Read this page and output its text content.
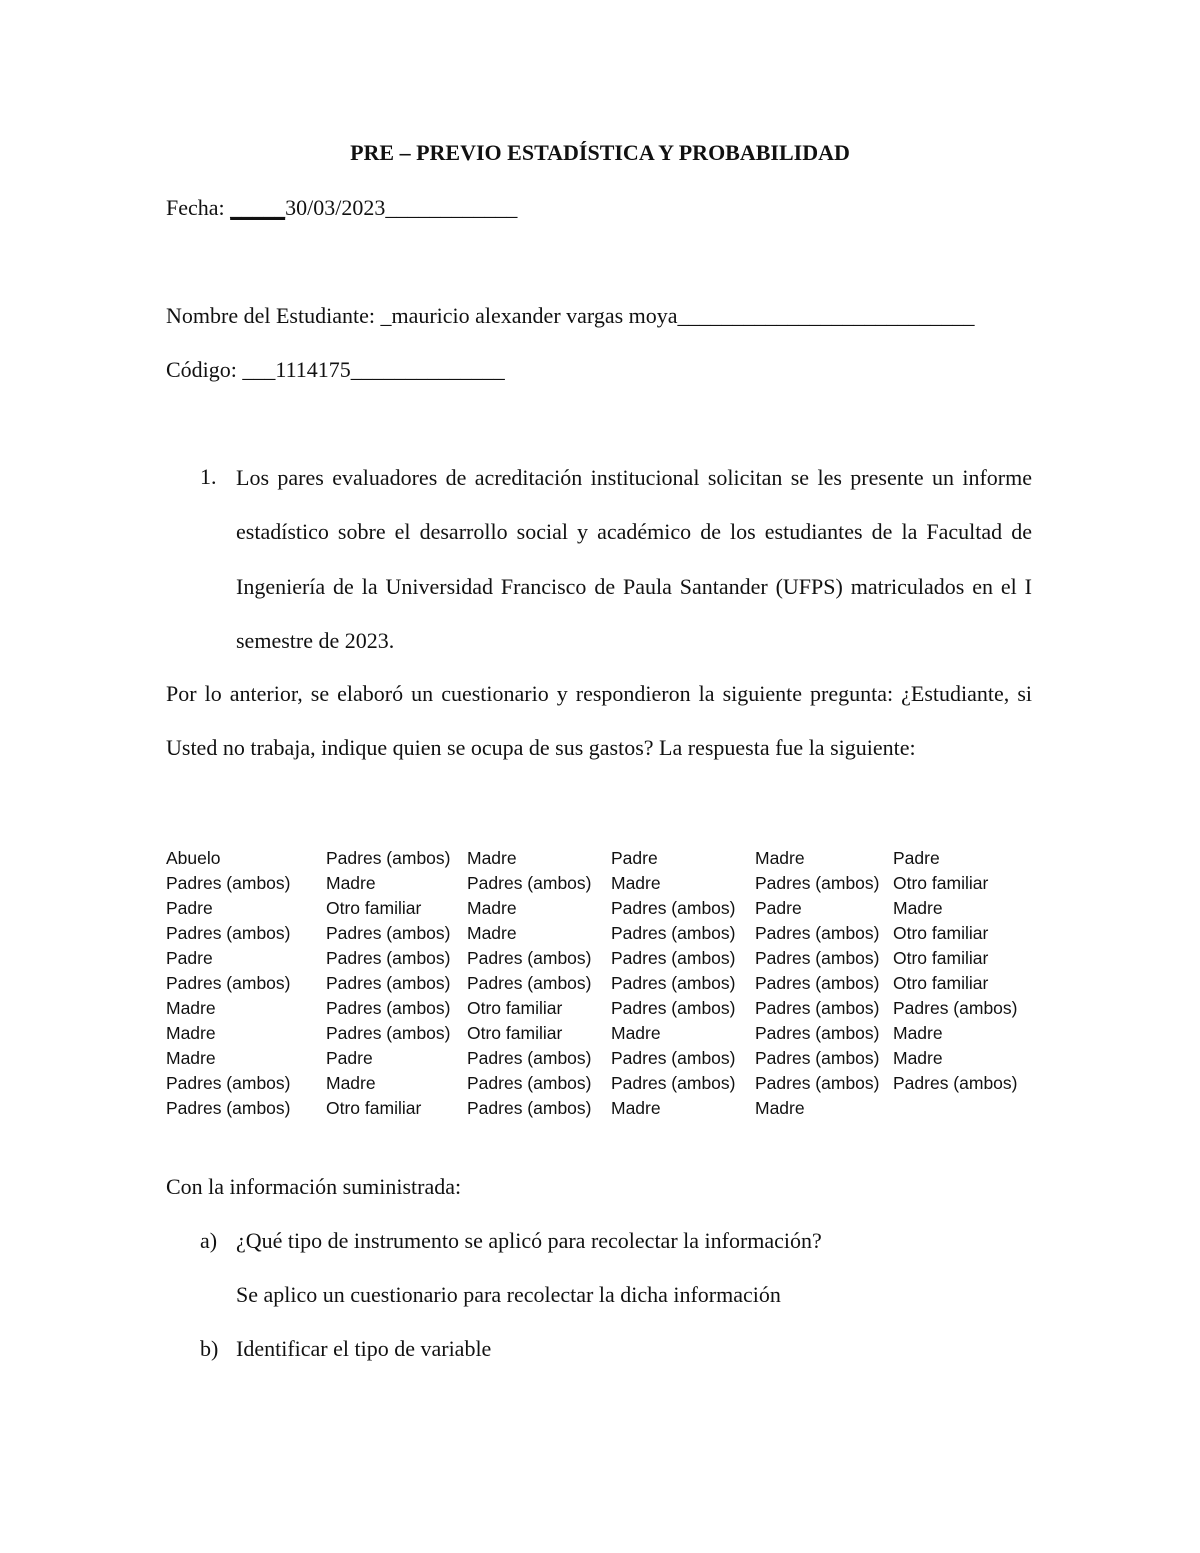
PRE – PREVIO ESTADÍSTICA Y PROBABILIDAD
Fecha: _____30/03/2023____________
Nombre del Estudiante: _mauricio alexander vargas moya___________________________
Código: ___1114175______________
1. Los pares evaluadores de acreditación institucional solicitan se les presente un informe estadístico sobre el desarrollo social y académico de los estudiantes de la Facultad de Ingeniería de la Universidad Francisco de Paula Santander (UFPS) matriculados en el I semestre de 2023.
Por lo anterior, se elaboró un cuestionario y respondieron la siguiente pregunta: ¿Estudiante, si Usted no trabaja, indique quien se ocupa de sus gastos? La respuesta fue la siguiente:
Abuelo	Padres (ambos)	Madre	Padre	Madre	Padre
Padres (ambos)	Madre	Padres (ambos)	Madre	Padres (ambos)	Otro familiar
Padre	Otro familiar	Madre	Padres (ambos)	Padre	Madre
Padres (ambos)	Padres (ambos)	Madre	Padres (ambos)	Padres (ambos)	Otro familiar
Padre	Padres (ambos)	Padres (ambos)	Padres (ambos)	Padres (ambos)	Otro familiar
Padres (ambos)	Padres (ambos)	Padres (ambos)	Padres (ambos)	Padres (ambos)	Otro familiar
Madre	Padres (ambos)	Otro familiar	Padres (ambos)	Padres (ambos)	Padres (ambos)
Madre	Padres (ambos)	Otro familiar	Madre	Padres (ambos)	Madre
Madre	Padre	Padres (ambos)	Padres (ambos)	Padres (ambos)	Madre
Padres (ambos)	Madre	Padres (ambos)	Padres (ambos)	Padres (ambos)	Padres (ambos)
Padres (ambos)	Otro familiar	Padres (ambos)	Madre	Madre	
Con la información suministrada:
a) ¿Qué tipo de instrumento se aplicó para recolectar la información?
Se aplico un cuestionario para recolectar la dicha información
b) Identificar el tipo de variable
